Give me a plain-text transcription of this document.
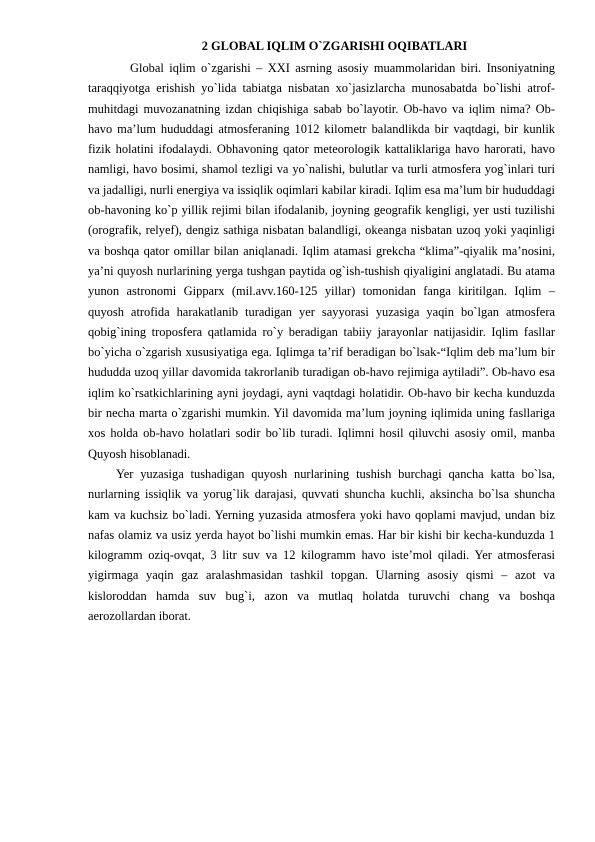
2 GLOBAL IQLIM O`ZGARISHI OQIBATLARI

Global iqlim o`zgarishi – XXI asrning asosiy muammolaridan biri. Insoniyatning taraqqiyotga erishish yo`lida tabiatga nisbatan xo`jasizlarcha munosabatda bo`lishi atrof-muhitdagi muvozanatning izdan chiqishiga sabab bo`layotir. Ob-havo va iqlim nima? Ob-havo ma’lum hududdagi atmosferaning 1012 kilometr balandlikda bir vaqtdagi, bir kunlik fizik holatini ifodalaydi. Obhavoning qator meteorologik kattaliklariga havo harorati, havo namligi, havo bosimi, shamol tezligi va yo`nalishi, bulutlar va turli atmosfera yog`inlari turi va jadalligi, nurli energiya va issiqlik oqimlari kabilar kiradi. Iqlim esa ma’lum bir hududdagi ob-havoning ko`p yillik rejimi bilan ifodalanib, joyning geografik kengligi, yer usti tuzilishi (orografik, relyef), dengiz sathiga nisbatan balandligi, okeanga nisbatan uzoq yoki yaqinligi va boshqa qator omillar bilan aniqlanadi. Iqlim atamasi grekcha “klima”-qiyalik ma’nosini, ya’ni quyosh nurlarining yerga tushgan paytida og`ish-tushish qiyaligini anglatadi. Bu atama yunon astronomi Gipparx (mil.avv.160-125 yillar) tomonidan fanga kiritilgan. Iqlim – quyosh atrofida harakatlanib turadigan yer sayyorasi yuzasiga yaqin bo`lgan atmosfera qobig`ining troposfera qatlamida ro`y beradigan tabiiy jarayonlar natijasidir. Iqlim fasllar bo`yicha o`zgarish xususiyatiga ega. Iqlimga ta’rif beradigan bo`lsak-“Iqlim deb ma’lum bir hududda uzoq yillar davomida takrorlanib turadigan ob-havo rejimiga aytiladi”. Ob-havo esa iqlim ko`rsatkichlarining ayni joydagi, ayni vaqtdagi holatidir. Ob-havo bir kecha kunduzda bir necha marta o`zgarishi mumkin. Yil davomida ma’lum joyning iqlimida uning fasllariga xos holda ob-havo holatlari sodir bo`lib turadi. Iqlimni hosil qiluvchi asosiy omil, manba Quyosh hisoblanadi.

Yer yuzasiga tushadigan quyosh nurlarining tushish burchagi qancha katta bo`lsa, nurlarning issiqlik va yorug`lik darajasi, quvvati shuncha kuchli, aksincha bo`lsa shuncha kam va kuchsiz bo`ladi. Yerning yuzasida atmosfera yoki havo qoplami mavjud, undan biz nafas olamiz va usiz yerda hayot bo`lishi mumkin emas. Har bir kishi bir kecha-kunduzda 1 kilogramm oziq-ovqat, 3 litr suv va 12 kilogramm havo iste’mol qiladi. Yer atmosferasi yigirmaga yaqin gaz aralashmasidan tashkil topgan. Ularning asosiy qismi – azot va kisloroddan hamda suv bug`i, azon va mutlaq holatda turuvchi chang va boshqa aerozollardan iborat.
